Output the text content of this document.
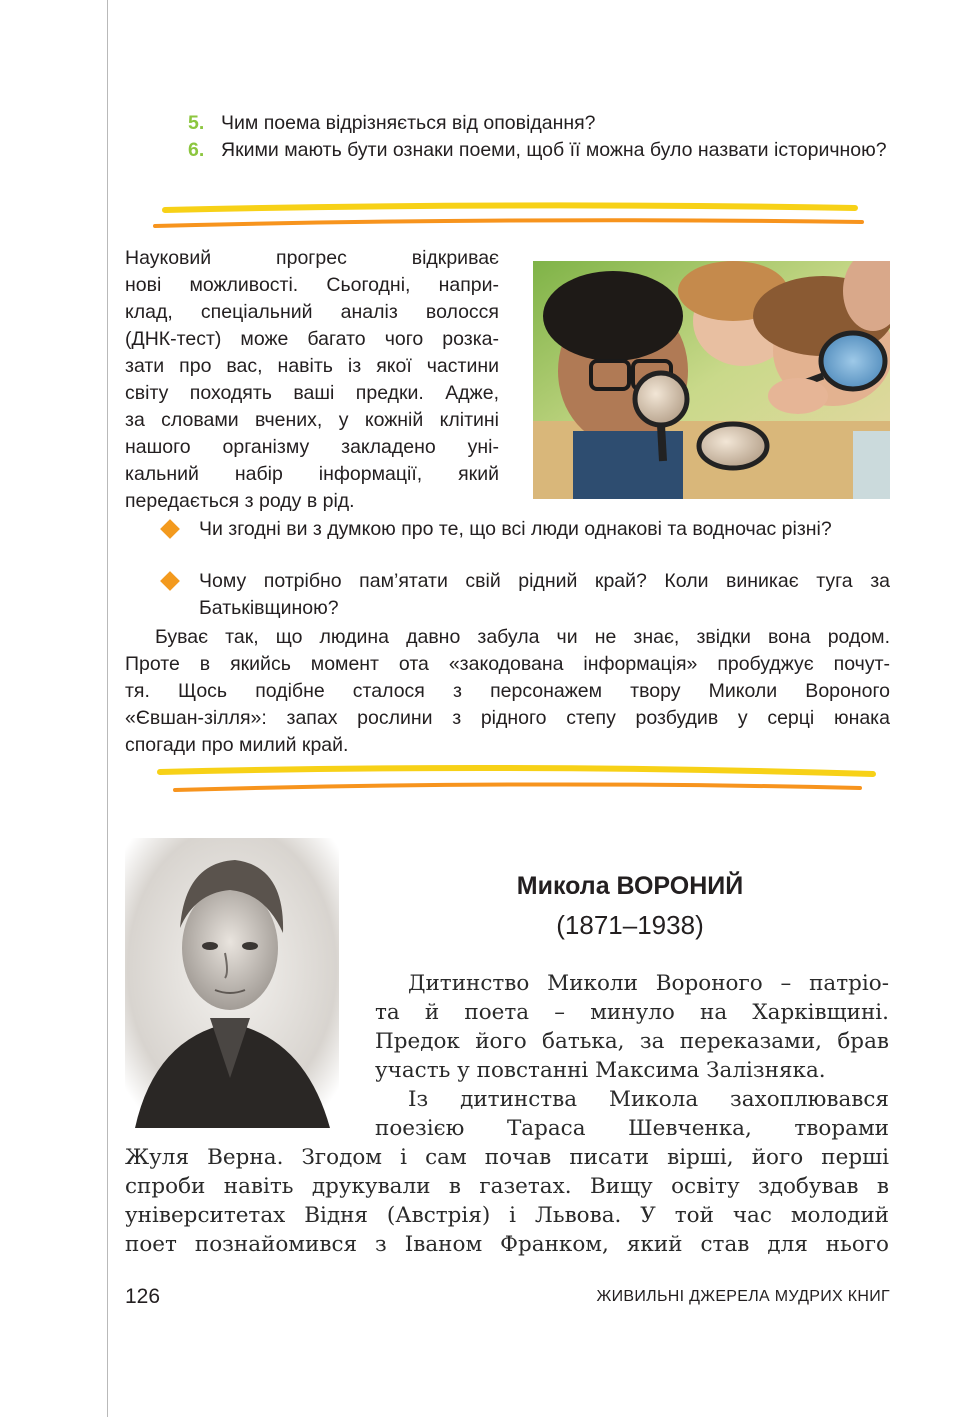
5. Чим поема відрізняється від оповідання?
6. Якими мають бути ознаки поеми, щоб її можна було назвати історичною?
Науковий прогрес відкриває
нові можливості. Сьогодні, напри-
клад, спеціальний аналіз волосся
(ДНК-тест) може багато чого розка-
зати про вас, навіть із якої частини
світу походять ваші предки. Адже,
за словами вчених, у кожній клітині
нашого організму закладено уні-
кальний набір інформації, який
передається з роду в рід.
Чи згодні ви з думкою про те, що всі люди однакові та водночас різні?
Чому потрібно пам’ятати свій рідний край? Коли виникає туга за Батьківщиною?
Буває так, що людина давно забула чи не знає, звідки вона родом.
Проте в якийсь момент ота «закодована інформація» пробуджує почут-
тя. Щось подібне сталося з персонажем твору Миколи Вороного
«Євшан-зілля»: запах рослини з рідного степу розбудив у серці юнака
спогади про милий край.
Микола ВОРОНИЙ
(1871–1938)
Дитинство Миколи Вороного – патріо-
та й поета – минуло на Харківщині.
Предок його батька, за переказами, брав
участь у повстанні Максима Залізняка.
Із дитинства Микола захоплювався
поезією Тараса Шевченка, творами
Жуля Верна. Згодом і сам почав писати вірші, його перші
спроби навіть друкували в газетах. Вищу освіту здобував в
університетах Відня (Австрія) і Львова. У той час молодий
поет познайомився з Іваном Франком, який став для нього
126	ЖИВИЛЬНІ ДЖЕРЕЛА МУДРИХ КНИГ
